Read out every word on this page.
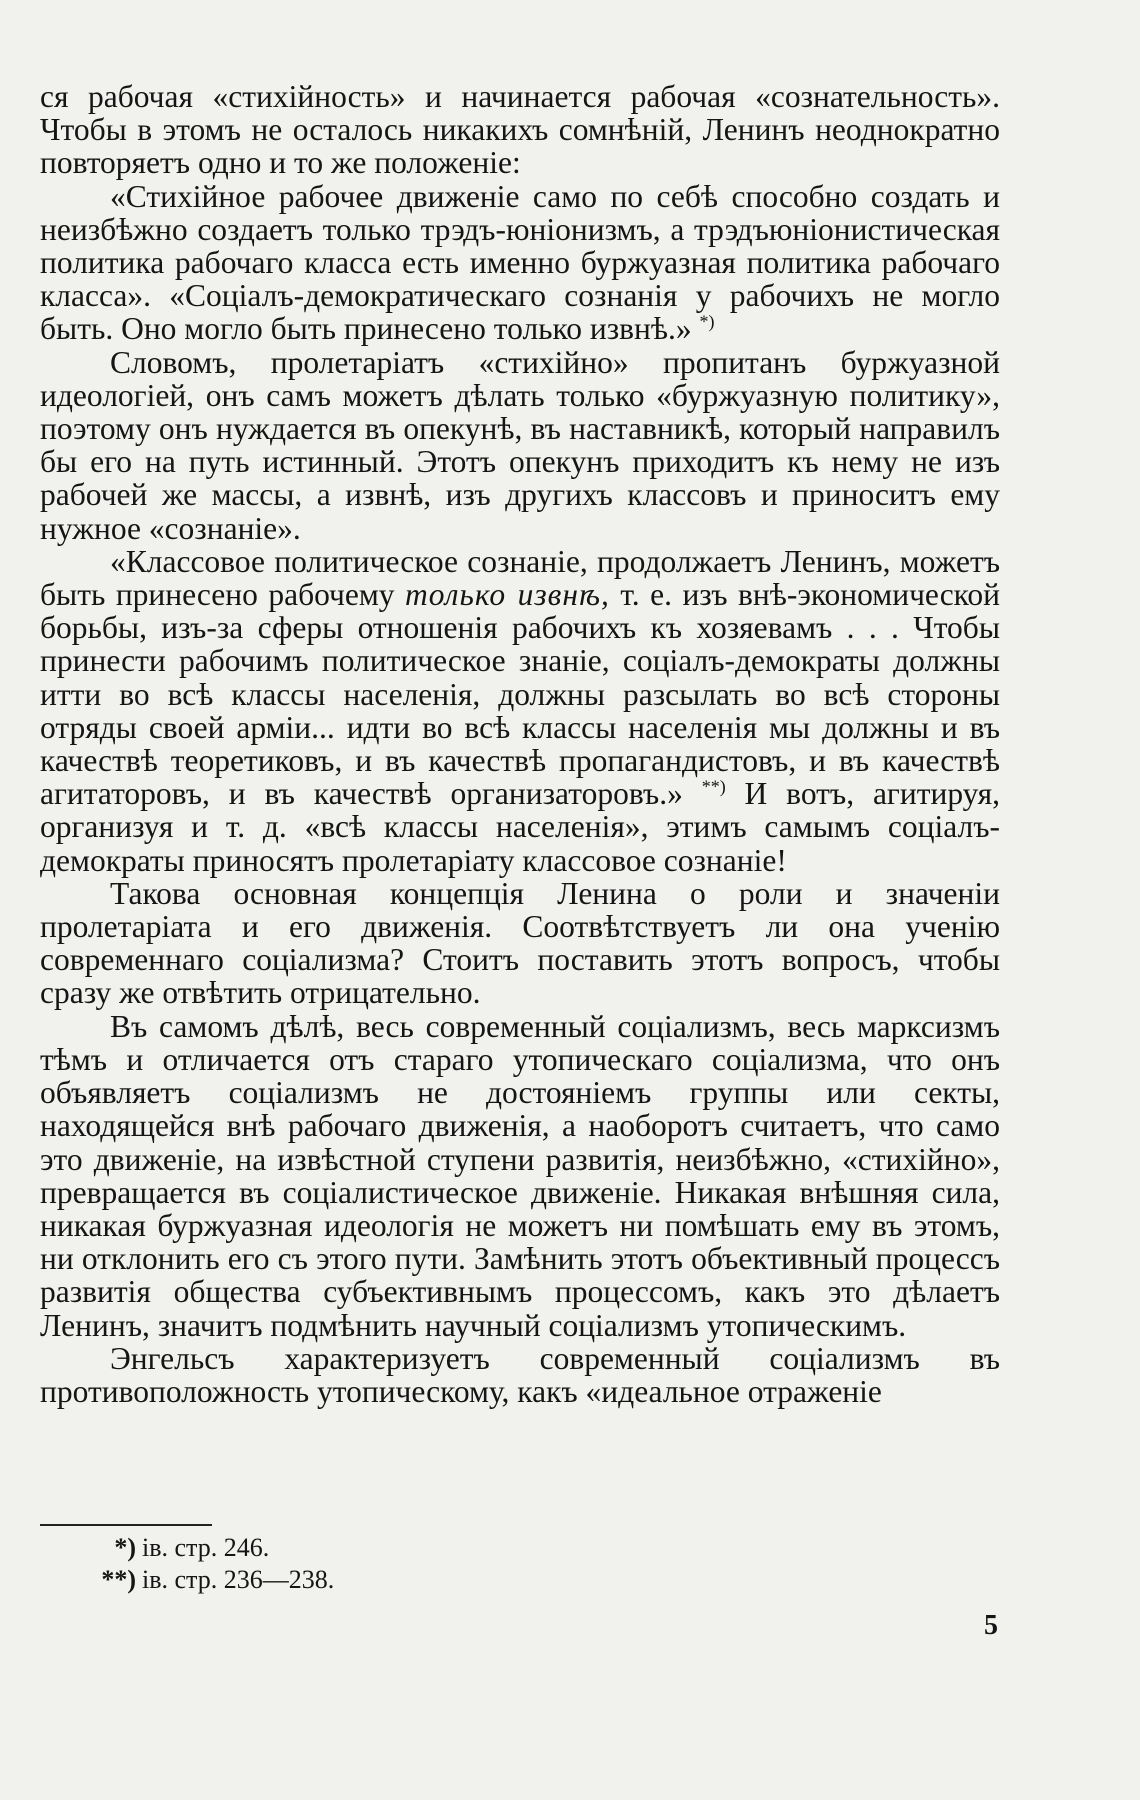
ся рабочая «стихійность» и начинается рабочая «сознательность». Чтобы в этомъ не осталось никакихъ сомнѣній, Ленинъ неоднократно повторяетъ одно и то же положеніе:

«Стихійное рабочее движеніе само по себѣ способно создать и неизбѣжно создаетъ только трэдъ-юніонизмъ, а трэдъюніонистическая политика рабочаго класса есть именно буржуазная политика рабочаго класса». «Соціалъ-демократическаго сознанія у рабочихъ не могло быть. Оно могло быть принесено только извнѣ.» *)

Словомъ, пролетаріатъ «стихійно» пропитанъ буржуазной идеологіей, онъ самъ можетъ дѣлать только «буржуазную политику», поэтому онъ нуждается въ опекунѣ, въ наставникѣ, который направилъ бы его на путь истинный. Этотъ опекунъ приходитъ къ нему не изъ рабочей же массы, а извнѣ, изъ другихъ классовъ и приноситъ ему нужное «сознаніе».

«Классовое политическое сознаніе, продолжаетъ Ленинъ, можетъ быть принесено рабочему только извнѣ, т. е. изъ внѣ-экономической борьбы, изъ-за сферы отношенія рабочихъ къ хозяевамъ . . . Чтобы принести рабочимъ политическое знаніе, соціалъ-демократы должны итти во всѣ классы населенія, должны разсылать во всѣ стороны отряды своей арміи... идти во всѣ классы населенія мы должны и въ качествѣ теоретиковъ, и въ качествѣ пропагандистовъ, и въ качествѣ агитаторовъ, и въ качествѣ организаторовъ.» **) И вотъ, агитируя, организуя и т. д. «всѣ классы населенія», этимъ самымъ соціалъ-демократы приносятъ пролетаріату классовое сознаніе!

Такова основная концепція Ленина о роли и значеніи пролетаріата и его движенія. Соотвѣтствуетъ ли она ученію современнаго соціализма? Стоитъ поставить этотъ вопросъ, чтобы сразу же отвѣтить отрицательно.

Въ самомъ дѣлѣ, весь современный соціализмъ, весь марксизмъ тѣмъ и отличается отъ стараго утопическаго соціализма, что онъ объявляетъ соціализмъ не достояніемъ группы или секты, находящейся внѣ рабочаго движенія, а наоборотъ считаетъ, что само это движеніе, на извѣстной ступени развитія, неизбѣжно, «стихійно», превращается въ соціалистическое движеніе. Никакая внѣшняя сила, никакая буржуазная идеологія не можетъ ни помѣшать ему въ этомъ, ни отклонить его съ этого пути. Замѣнить этотъ объективный процессъ развитія общества субъективнымъ процессомъ, какъ это дѣлаетъ Ленинъ, значитъ подмѣнить научный соціализмъ утопическимъ.

Энгельсъ характеризуетъ современный соціализмъ въ противоположность утопическому, какъ «идеальное отраженіе

*) ів. стр. 246.
**) ів. стр. 236—238.
5
